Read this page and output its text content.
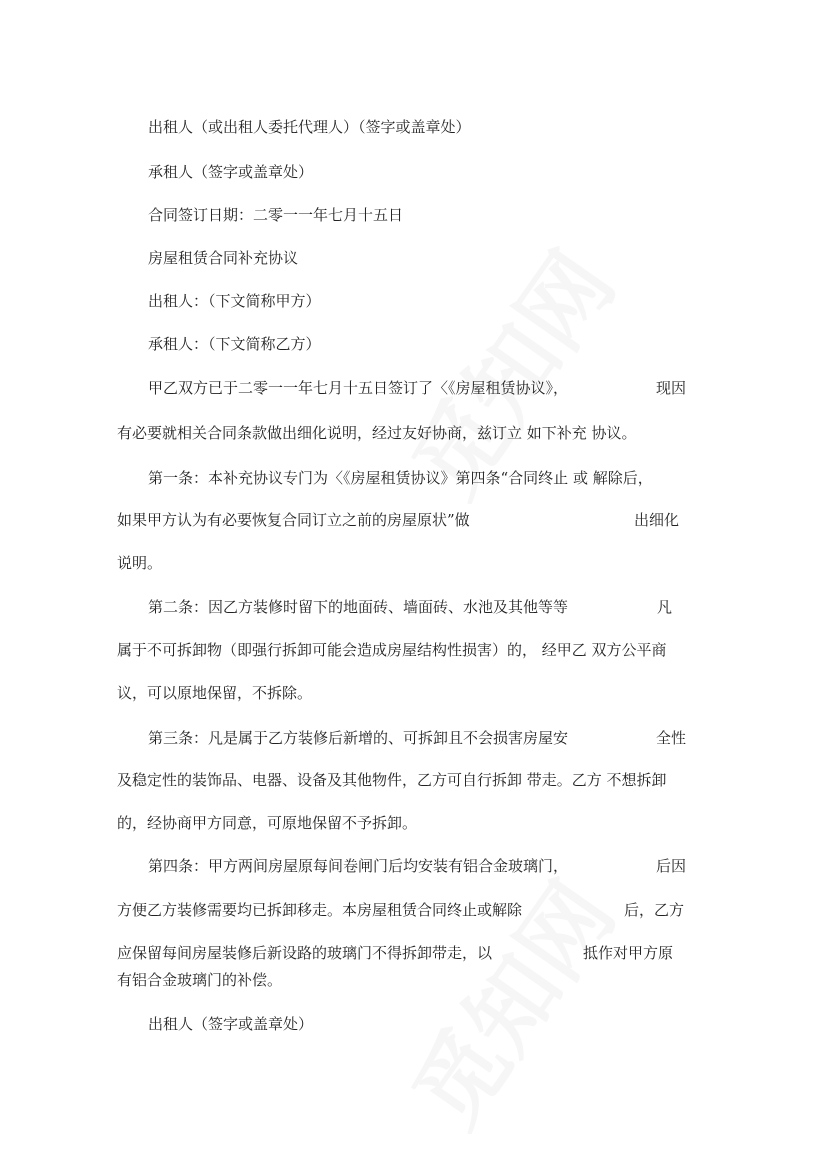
出租人（或出租人委托代理人）（签字或盖章处）
承租人（签字或盖章处）
合同签订日期：二零一一年七月十五日
房屋租赁合同补充协议
出租人：（下文简称甲方）
承租人：（下文简称乙方）
甲乙双方已于二零一一年七月十五日签订了〈《房屋租赁协议》，	现因
有必要就相关合同条款做出细化说明，经过友好协商，兹订立 如下补充 协议。
第一条：本补充协议专门为〈《房屋租赁协议》第四条“合同终止 或 解除后，
如果甲方认为有必要恢复合同订立之前的房屋原状”做	出细化
说明。
第二条：因乙方装修时留下的地面砖、墙面砖、水池及其他等等	凡
属于不可拆卸物（即强行拆卸可能会造成房屋结构性损害）的， 经甲乙 双方公平商
议，可以原地保留，不拆除。
第三条：凡是属于乙方装修后新增的、可拆卸且不会损害房屋安	全性
及稳定性的装饰品、电器、设备及其他物件，乙方可自行拆卸 带走。乙方 不想拆卸
的，经协商甲方同意，可原地保留不予拆卸。
第四条：甲方两间房屋原每间卷闸门后均安装有铝合金玻璃门，	后因
方便乙方装修需要均已拆卸移走。本房屋租赁合同终止或解除	后，乙方
应保留每间房屋装修后新设路的玻璃门不得拆卸带走，以	抵作对甲方原
有铝合金玻璃门的补偿。
出租人（签字或盖章处）
